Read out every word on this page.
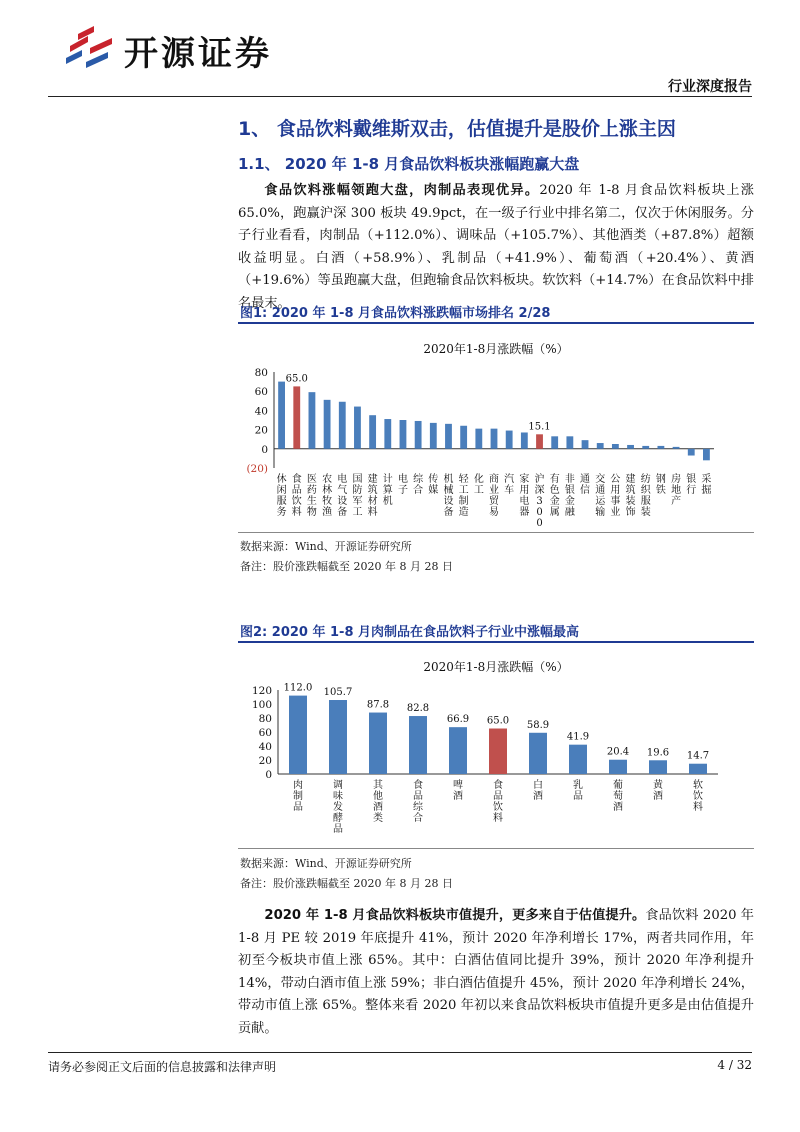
开源证券
行业深度报告
1、 食品饮料戴维斯双击，估值提升是股价上涨主因
1.1、 2020 年 1-8 月食品饮料板块涨幅跑赢大盘
食品饮料涨幅领跑大盘，肉制品表现优异。2020 年 1-8 月食品饮料板块上涨 65.0%，跑赢沪深 300 板块 49.9pct，在一级子行业中排名第二，仅次于休闲服务。分子行业看看，肉制品（+112.0%）、调味品（+105.7%）、其他酒类（+87.8%）超额收益明显。白酒（+58.9%）、乳制品（+41.9%）、葡萄酒（+20.4%）、黄酒（+19.6%）等虽跑赢大盘，但跑输食品饮料板块。软饮料（+14.7%）在食品饮料中排名最末。
图1: 2020 年 1-8 月食品饮料涨跌幅市场排名 2/28
2020年1-8月涨跌幅（%）
80
60
40
20
0
(20)
休闲服务
65.0
食品饮料
医药生物
农林牧渔
电气设备
国防军工
建筑材料
计算机
电子
综合
传媒
机械设备
轻工制造
化工
商业贸易
汽车
家用电器
15.1
沪深 3 0 0
有色金属
非银金融
通信
交通运输
公用事业
建筑装饰
纺织服装
钢铁
房地产
银行
采掘
数据来源：Wind、开源证券研究所
备注：股价涨跌幅截至 2020 年 8 月 28 日
图2: 2020 年 1-8 月肉制品在食品饮料子行业中涨幅最高
2020年1-8月涨跌幅（%）
120
100
80
60
40
20
0
112.0
肉制品
105.7
调味发酵品
87.8
其他酒类
82.8
食品综合
66.9
啤酒
65.0
食品饮料
58.9
白酒
41.9
乳品
20.4
葡萄酒
19.6
黄酒
14.7
软饮料
数据来源：Wind、开源证券研究所
备注：股价涨跌幅截至 2020 年 8 月 28 日
2020 年 1-8 月食品饮料板块市值提升，更多来自于估值提升。食品饮料 2020 年 1-8 月 PE 较 2019 年底提升 41%，预计 2020 年净利增长 17%，两者共同作用，年初至今板块市值上涨 65%。其中：白酒估值同比提升 39%，预计 2020 年净利提升 14%，带动白酒市值上涨 59%；非白酒估值提升 45%，预计 2020 年净利增长 24%，带动市值上涨 65%。整体来看 2020 年初以来食品饮料板块市值提升更多是由估值提升贡献。
请务必参阅正文后面的信息披露和法律声明	4 / 32
